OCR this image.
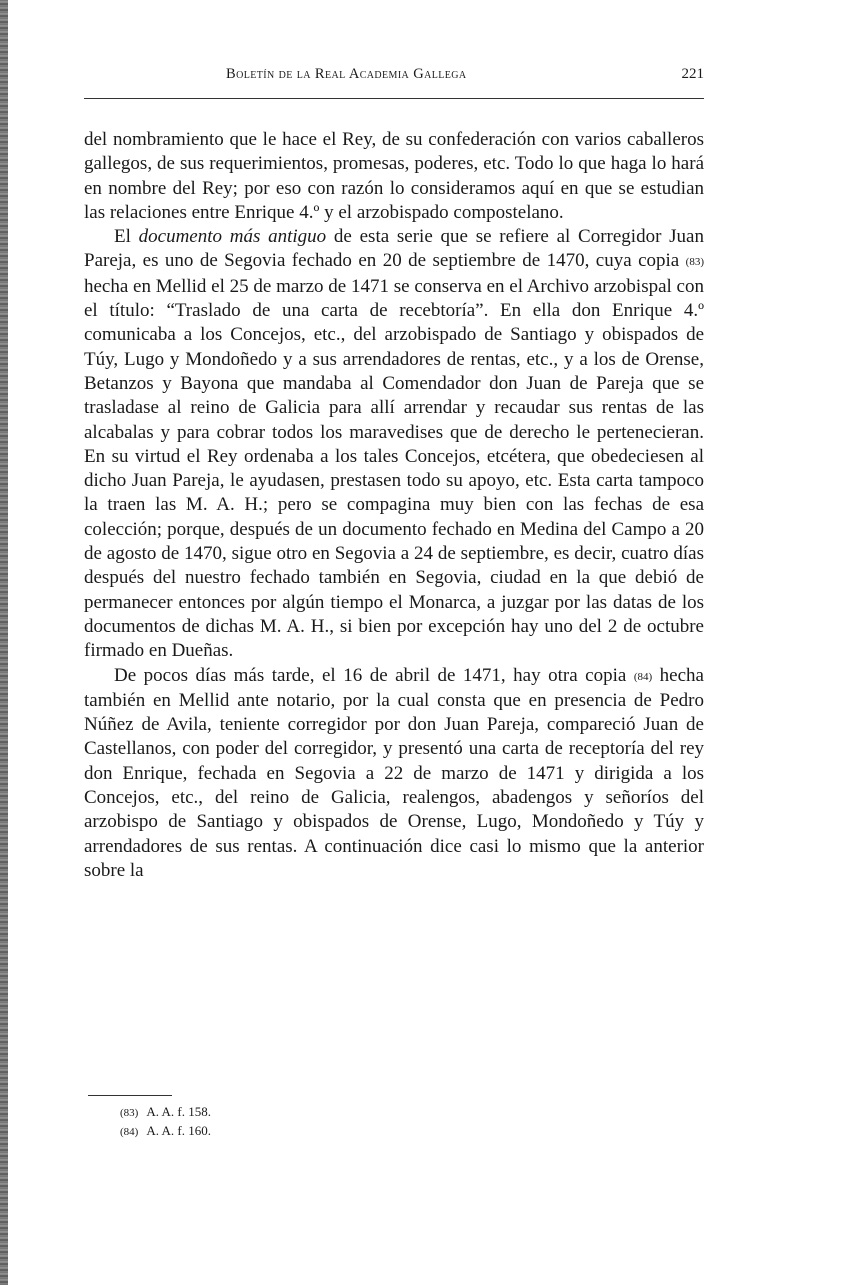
Boletín de la Real Academia Gallega	221

del nombramiento que le hace el Rey, de su confederación con varios caballeros gallegos, de sus requerimientos, promesas, poderes, etc. Todo lo que haga lo hará en nombre del Rey; por eso con razón lo consideramos aquí en que se estudian las relaciones entre Enrique 4.º y el arzobispado compostelano.

El documento más antiguo de esta serie que se refiere al Corregidor Juan Pareja, es uno de Segovia fechado en 20 de septiembre de 1470, cuya copia (83) hecha en Mellid el 25 de marzo de 1471 se conserva en el Archivo arzobispal con el título: “Traslado de una carta de recebtoría”. En ella don Enrique 4.º comunicaba a los Concejos, etc., del arzobispado de Santiago y obispados de Túy, Lugo y Mondoñedo y a sus arrendadores de rentas, etc., y a los de Orense, Betanzos y Bayona que mandaba al Comendador don Juan de Pareja que se trasladase al reino de Galicia para allí arrendar y recaudar sus rentas de las alcabalas y para cobrar todos los maravedises que de derecho le pertenecieran. En su virtud el Rey ordenaba a los tales Concejos, etcétera, que obedeciesen al dicho Juan Pareja, le ayudasen, prestasen todo su apoyo, etc. Esta carta tampoco la traen las M. A. H.; pero se compagina muy bien con las fechas de esa colección; porque, después de un documento fechado en Medina del Campo a 20 de agosto de 1470, sigue otro en Segovia a 24 de septiembre, es decir, cuatro días después del nuestro fechado también en Segovia, ciudad en la que debió de permanecer entonces por algún tiempo el Monarca, a juzgar por las datas de los documentos de dichas M. A. H., si bien por excepción hay uno del 2 de octubre firmado en Dueñas.

De pocos días más tarde, el 16 de abril de 1471, hay otra copia (84) hecha también en Mellid ante notario, por la cual consta que en presencia de Pedro Núñez de Avila, teniente corregidor por don Juan Pareja, compareció Juan de Castellanos, con poder del corregidor, y presentó una carta de receptoría del rey don Enrique, fechada en Segovia a 22 de marzo de 1471 y dirigida a los Concejos, etc., del reino de Galicia, realengos, abadengos y señoríos del arzobispo de Santiago y obispados de Orense, Lugo, Mondoñedo y Túy y arrendadores de sus rentas. A continuación dice casi lo mismo que la anterior sobre la

(83) A. A. f. 158.
(84) A. A. f. 160.
